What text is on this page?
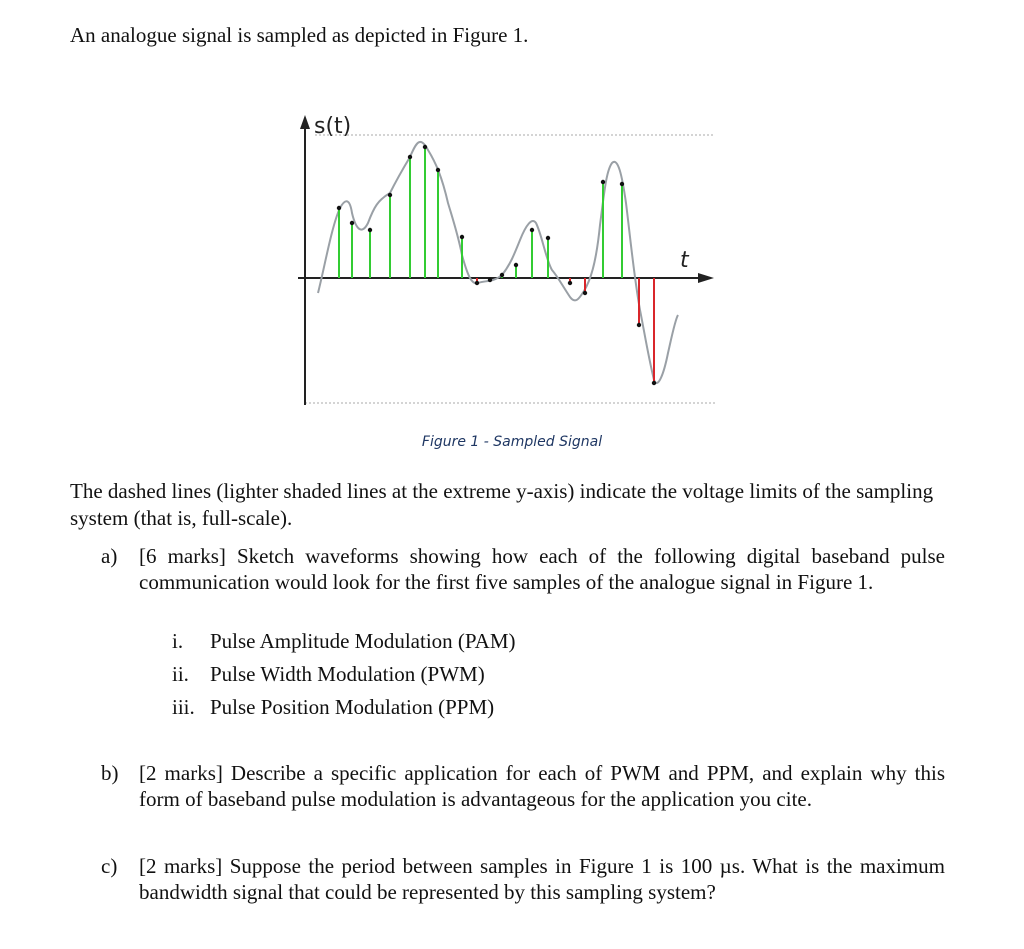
An analogue signal is sampled as depicted in Figure 1.

s(t)
t
Figure 1 - Sampled Signal

The dashed lines (lighter shaded lines at the extreme y-axis) indicate the voltage limits of the sampling system (that is, full-scale).

a) [6 marks] Sketch waveforms showing how each of the following digital baseband pulse communication would look for the first five samples of the analogue signal in Figure 1.
i. Pulse Amplitude Modulation (PAM)
ii. Pulse Width Modulation (PWM)
iii. Pulse Position Modulation (PPM)
b) [2 marks] Describe a specific application for each of PWM and PPM, and explain why this form of baseband pulse modulation is advantageous for the application you cite.
c) [2 marks] Suppose the period between samples in Figure 1 is 100 µs. What is the maximum bandwidth signal that could be represented by this sampling system?
